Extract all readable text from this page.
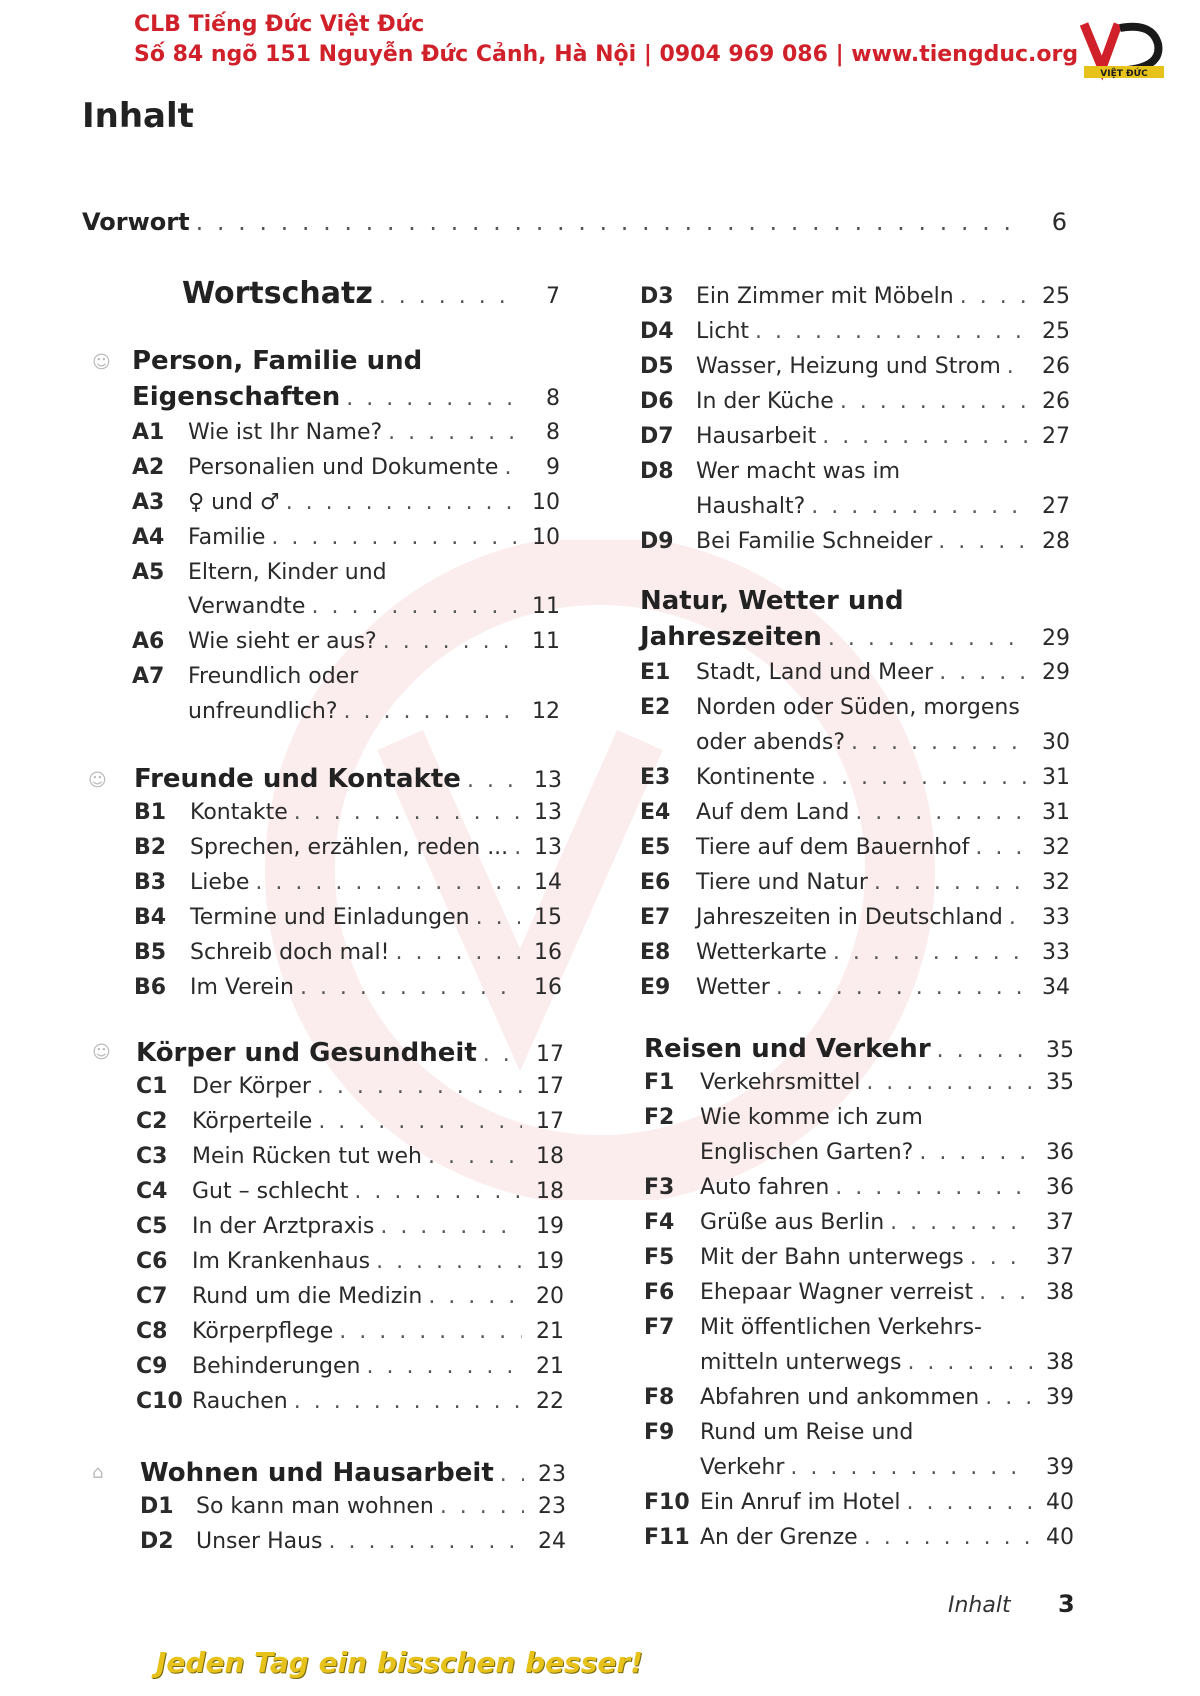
CLB Tiếng Đức Việt Đức
Số 84 ngõ 151 Nguyễn Đức Cảnh, Hà Nội | 0904 969 086 | www.tiengduc.org
VIỆT ĐỨC
Inhalt
Vorwort . . .	6
Wortschatz . . .	7
☺ Person, Familie und
Eigenschaften . . .	8
A1	Wie ist Ihr Name? . . .	8
A2	Personalien und Dokumente . . .	9
A3	♀ und ♂ . . .	10
A4	Familie . . .	10
A5	Eltern, Kinder und
Verwandte . . .	11
A6	Wie sieht er aus? . . .	11
A7	Freundlich oder
unfreundlich? . . .	12
☺ Freunde und Kontakte . . .	13
B1	Kontakte . . .	13
B2	Sprechen, erzählen, reden ... . . .	13
B3	Liebe . . .	14
B4	Termine und Einladungen . . .	15
B5	Schreib doch mal! . . .	16
B6	Im Verein . . .	16
☺ Körper und Gesundheit . . .	17
C1	Der Körper . . .	17
C2	Körperteile . . .	17
C3	Mein Rücken tut weh . . .	18
C4	Gut – schlecht . . .	18
C5	In der Arztpraxis . . .	19
C6	Im Krankenhaus . . .	19
C7	Rund um die Medizin . . .	20
C8	Körperpflege . . .	21
C9	Behinderungen . . .	21
C10 Rauchen . . .	22
⌂ Wohnen und Hausarbeit . . .	23
D1	So kann man wohnen . . .	23
D2	Unser Haus . . .	24
D3	Ein Zimmer mit Möbeln . . .	25
D4	Licht . . .	25
D5	Wasser, Heizung und Strom . . .	26
D6	In der Küche . . .	26
D7	Hausarbeit . . .	27
D8	Wer macht was im
Haushalt? . . .	27
D9	Bei Familie Schneider . . .	28
Natur, Wetter und
Jahreszeiten . . .	29
E1	Stadt, Land und Meer . . .	29
E2	Norden oder Süden, morgens
oder abends? . . .	30
E3	Kontinente . . .	31
E4	Auf dem Land . . .	31
E5	Tiere auf dem Bauernhof . . .	32
E6	Tiere und Natur . . .	32
E7	Jahreszeiten in Deutschland . . .	33
E8	Wetterkarte . . .	33
E9	Wetter . . .	34
Reisen und Verkehr . . .	35
F1	Verkehrsmittel . . .	35
F2	Wie komme ich zum
Englischen Garten? . . .	36
F3	Auto fahren . . .	36
F4	Grüße aus Berlin . . .	37
F5	Mit der Bahn unterwegs . . .	37
F6	Ehepaar Wagner verreist . . .	38
F7	Mit öffentlichen Verkehrs-
mitteln unterwegs . . .	38
F8	Abfahren und ankommen . . .	39
F9	Rund um Reise und
Verkehr . . .	39
F10 Ein Anruf im Hotel . . .	40
F11 An der Grenze . . .	40
Inhalt 3
Jeden Tag ein bisschen besser!
